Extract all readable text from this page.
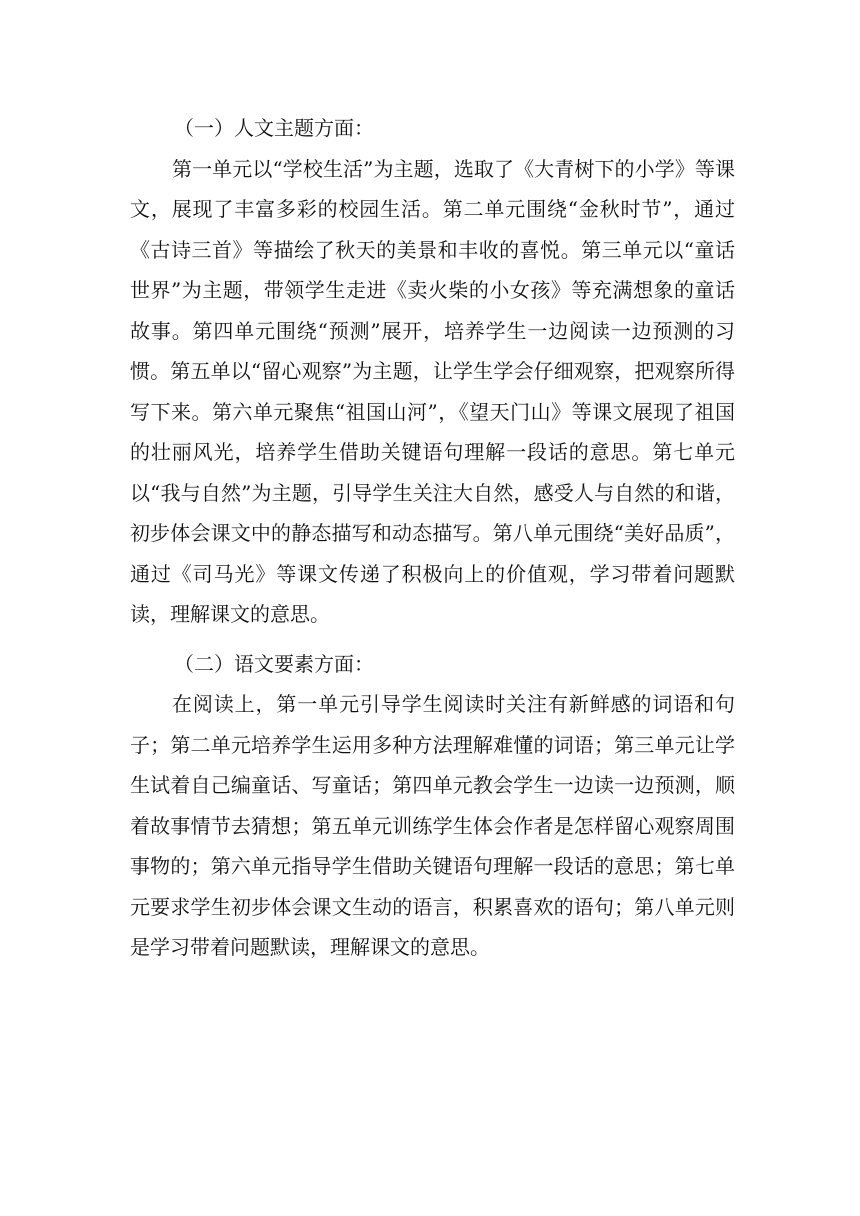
（一）人文主题方面：

第一单元以“学校生活”为主题，选取了《大青树下的小学》等课文，展现了丰富多彩的校园生活。第二单元围绕“金秋时节”，通过《古诗三首》等描绘了秋天的美景和丰收的喜悦。第三单元以“童话世界”为主题，带领学生走进《卖火柴的小女孩》等充满想象的童话故事。第四单元围绕“预测”展开，培养学生一边阅读一边预测的习惯。第五单以“留心观察”为主题，让学生学会仔细观察，把观察所得写下来。第六单元聚焦“祖国山河”，《望天门山》等课文展现了祖国的壮丽风光，培养学生借助关键语句理解一段话的意思。第七单元以“我与自然”为主题，引导学生关注大自然，感受人与自然的和谐，初步体会课文中的静态描写和动态描写。第八单元围绕“美好品质”，通过《司马光》等课文传递了积极向上的价值观，学习带着问题默读，理解课文的意思。

（二）语文要素方面：

在阅读上，第一单元引导学生阅读时关注有新鲜感的词语和句子；第二单元培养学生运用多种方法理解难懂的词语；第三单元让学生试着自己编童话、写童话；第四单元教会学生一边读一边预测，顺着故事情节去猜想；第五单元训练学生体会作者是怎样留心观察周围事物的；第六单元指导学生借助关键语句理解一段话的意思；第七单元要求学生初步体会课文生动的语言，积累喜欢的语句；第八单元则是学习带着问题默读，理解课文的意思。
